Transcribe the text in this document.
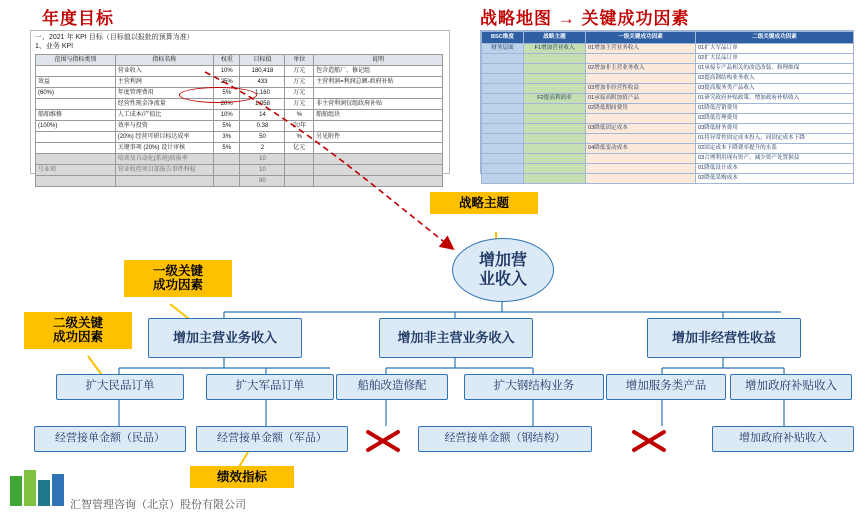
年度目标	战略地图 → 关键成功因素
一、2021 年 KPI 目标（目标值以报批的预算为准）
1、业务 KPI
范围与指标类别	指标名称	权重	目标值	单位	说明
	营业收入	10%	180,418	万元	包含造船厂、修记组
效益	主营利润	25%	433	万元	主营利润=利润总额-政府补贴
(60%)	年度管理费用	5%	1,160	万元	
	经营性现金净流量	20%	1,058	万元	非主营利润仅组政府补贴
船舶维修	人工成本/产值比	10%	14	%	船舶组块
(100%)	效率与投资	5%	0.38	次/年	
	(20%) 经营可研目标达成率	3%	50	%	另见附件
	关键事项 (20%) 设计审核	5%	2	亿元	
	培训及自动化(系统)转报率		10		
号业项	营业收控项目部报告事件科检		10		
			80		
BSC维度	战略主题	一级关键成功因素	二级关键成功因素
财务层面	F1增加营业收入	01增加主营业务收入	01扩大军品订单
			02扩大民品订单
		02增加非主营业务收入	01承接专产品相关的改造改装、修理维保
			02提高钢结构业务收入
		03增加非经营性收益	03提高服务类产品收入
	F2提高利润率	01承接高附加值产品	01研究政府补贴政策、增加政府补贴收入
		02降低期间费用	01降低营销费用
			02降低管理费用
		03降低固定成本	03降低财务费用
			01将异常控固定成本投入，同固定成本下降
		04降低变动成本	02固定成本下降费率提升的水系
			03合理利用现有资产、减少资产处置损益
			01降低设计成本
			02降低采购成本
战略主题
一级关键
成功因素
二级关键
成功因素
绩效指标
增加营
业收入
增加主营业务收入	增加非主营业务收入	增加非经营性收益
扩大民品订单	扩大军品订单	船舶改造修配	扩大钢结构业务	增加服务类产品	增加政府补贴收入
经营接单金额（民品）	经营接单金额（军品）	经营接单金额（钢结构）	增加政府补贴收入
汇智管理咨询（北京）股份有限公司
